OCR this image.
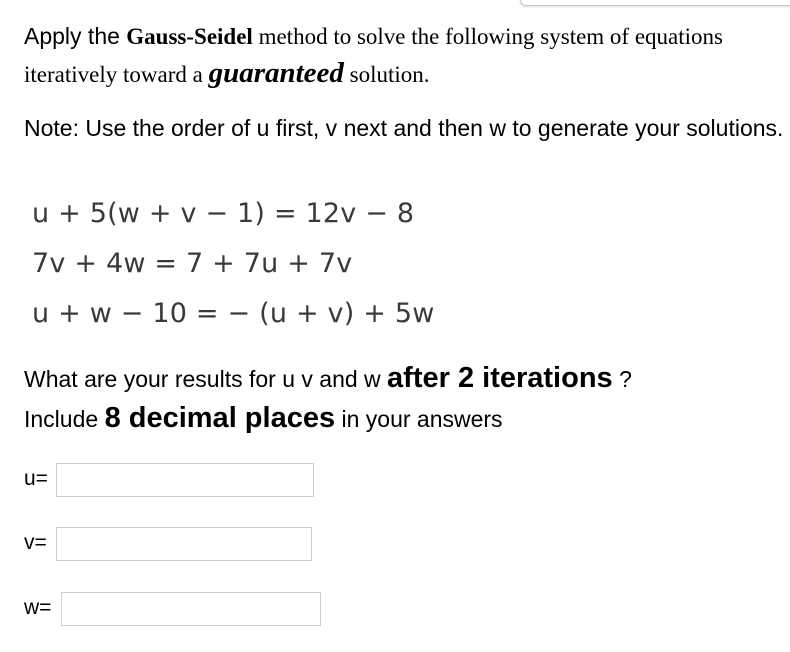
Apply the Gauss-Seidel method to solve the following system of equations iteratively toward a guaranteed solution.
Note: Use the order of u first, v next and then w to generate your solutions.
u + 5(w + v − 1) = 12v − 8
7v + 4w = 7 + 7u + 7v
u + w − 10 = − (u + v) + 5w
What are your results for u v and w after 2 iterations ?
Include 8 decimal places in your answers
u=
v=
w=
